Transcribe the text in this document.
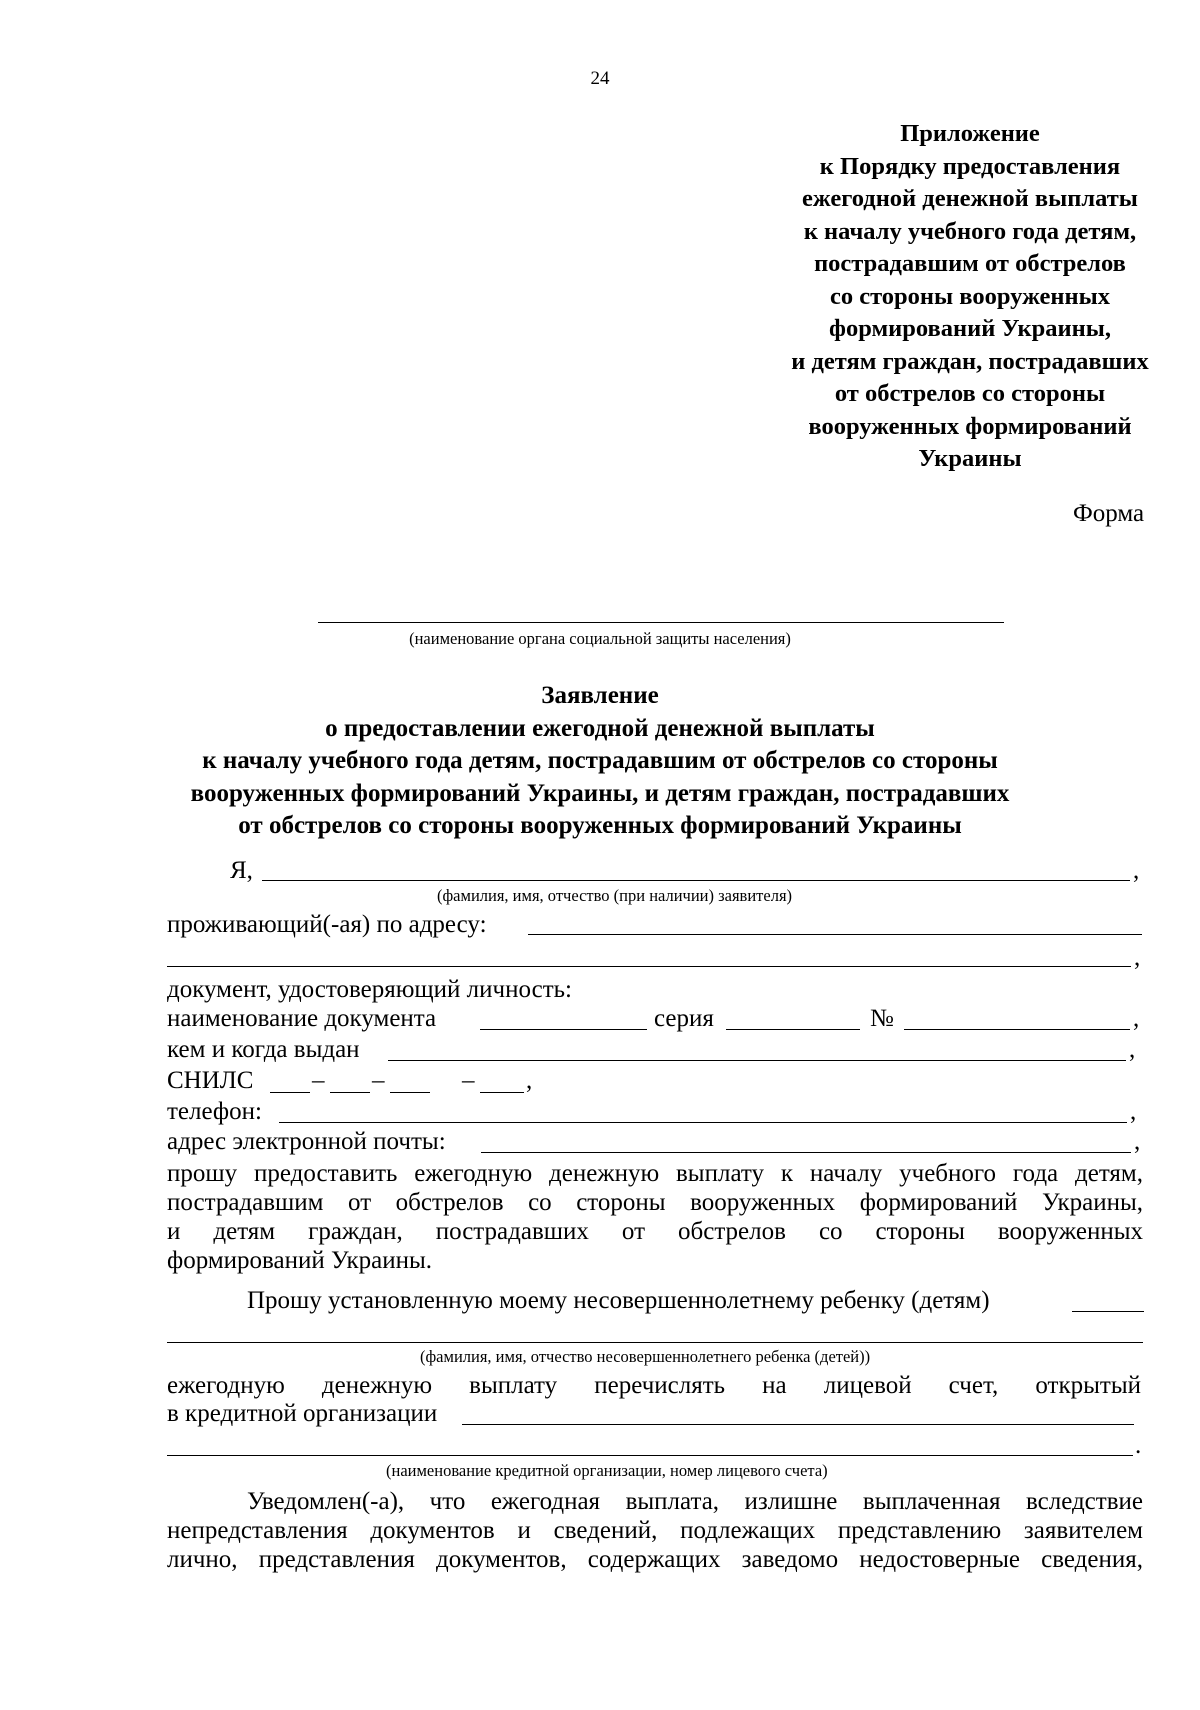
24
Приложение
к Порядку предоставления
ежегодной денежной выплаты
к началу учебного года детям,
пострадавшим от обстрелов
со стороны вооруженных
формирований Украины,
и детям граждан, пострадавших
от обстрелов со стороны
вооруженных формирований
Украины
Форма
(наименование органа социальной защиты населения)
Заявление
о предоставлении ежегодной денежной выплаты
к началу учебного года детям, пострадавшим от обстрелов со стороны
вооруженных формирований Украины, и детям граждан, пострадавших
от обстрелов со стороны вооруженных формирований Украины
Я,	,
(фамилия, имя, отчество (при наличии) заявителя)
проживающий(-ая) по адресу:
,
документ, удостоверяющий личность:
наименование документа	серия	№	,
кем и когда выдан	,
СНИЛС – –	– ,
телефон:	,
адрес электронной почты:	,
прошу предоставить ежегодную денежную выплату к началу учебного года детям,
пострадавшим от обстрелов со стороны вооруженных формирований Украины,
и детям граждан, пострадавших от обстрелов со стороны вооруженных
формирований Украины.
Прошу установленную моему несовершеннолетнему ребенку (детям)
(фамилия, имя, отчество несовершеннолетнего ребенка (детей))
ежегодную денежную выплату перечислять на лицевой счет, открытый
в кредитной организации
.
(наименование кредитной организации, номер лицевого счета)
Уведомлен(-а), что ежегодная выплата, излишне выплаченная вследствие
непредставления документов и сведений, подлежащих представлению заявителем
лично, представления документов, содержащих заведомо недостоверные сведения,
